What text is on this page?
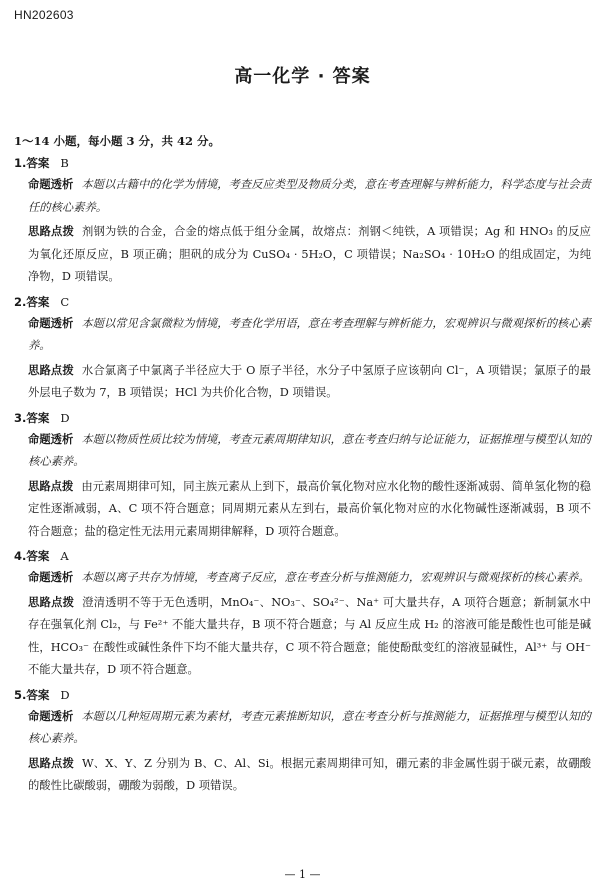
HN202603
高一化学 · 答案

1～14 小题，每小题 3 分，共 42 分。

1.答案 B

命题透析 本题以古籍中的化学为情境，考查反应类型及物质分类，意在考查理解与辨析能力，科学态度与社会责任的核心素养。

思路点拨 剂钢为铁的合金，合金的熔点低于组分金属，故熔点：剂钢＜纯铁，A 项错误；Ag 和 HNO₃ 的反应为氧化还原反应，B 项正确；胆矾的成分为 CuSO₄ · 5H₂O，C 项错误；Na₂SO₄ · 10H₂O 的组成固定，为纯净物，D 项错误。

2.答案 C

命题透析 本题以常见含氯微粒为情境，考查化学用语，意在考查理解与辨析能力，宏观辨识与微观探析的核心素养。

思路点拨 水合氯离子中氯离子半径应大于 O 原子半径，水分子中氢原子应该朝向 Cl⁻，A 项错误；氯原子的最外层电子数为 7，B 项错误；HCl 为共价化合物，D 项错误。

3.答案 D

命题透析 本题以物质性质比较为情境，考查元素周期律知识，意在考查归纳与论证能力，证据推理与模型认知的核心素养。

思路点拨 由元素周期律可知，同主族元素从上到下，最高价氧化物对应水化物的酸性逐渐减弱、简单氢化物的稳定性逐渐减弱，A、C 项不符合题意；同周期元素从左到右，最高价氧化物对应的水化物碱性逐渐减弱，B 项不符合题意；盐的稳定性无法用元素周期律解释，D 项符合题意。

4.答案 A

命题透析 本题以离子共存为情境，考查离子反应，意在考查分析与推测能力，宏观辨识与微观探析的核心素养。

思路点拨 澄清透明不等于无色透明，MnO₄⁻、NO₃⁻、SO₄²⁻、Na⁺ 可大量共存，A 项符合题意；新制氯水中存在强氧化剂 Cl₂，与 Fe²⁺ 不能大量共存，B 项不符合题意；与 Al 反应生成 H₂ 的溶液可能是酸性也可能是碱性，HCO₃⁻ 在酸性或碱性条件下均不能大量共存，C 项不符合题意；能使酚酞变红的溶液显碱性，Al³⁺ 与 OH⁻ 不能大量共存，D 项不符合题意。

5.答案 D

命题透析 本题以几种短周期元素为素材，考查元素推断知识，意在考查分析与推测能力，证据推理与模型认知的核心素养。

思路点拨 W、X、Y、Z 分别为 B、C、Al、Si。根据元素周期律可知，硼元素的非金属性弱于碳元素，故硼酸的酸性比碳酸弱，硼酸为弱酸，D 项错误。

— 1 —
